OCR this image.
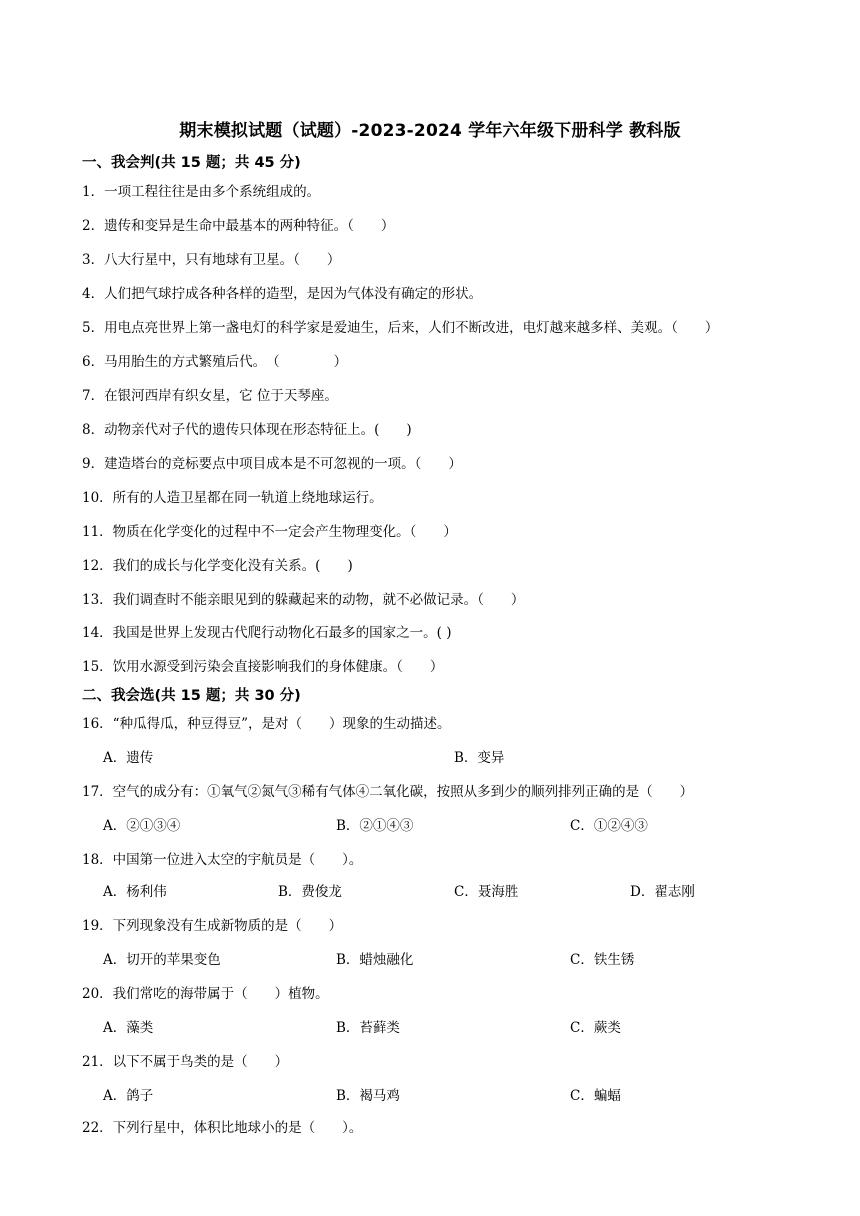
期末模拟试题（试题）-2023-2024 学年六年级下册科学 教科版
一、我会判(共 15 题；共 45 分)
1．一项工程往往是由多个系统组成的。
2．遗传和变异是生命中最基本的两种特征。（　　）
3．八大行星中，只有地球有卫星。（　　）
4．人们把气球拧成各种各样的造型，是因为气体没有确定的形状。
5．用电点亮世界上第一盏电灯的科学家是爱迪生，后来，人们不断改进，电灯越来越多样、美观。（　　）
6．马用胎生的方式繁殖后代。　（　　　　）
7．在银河西岸有织女星，它 位于天琴座。
8．动物亲代对子代的遗传只体现在形态特征上。(　　)
9．建造塔台的竞标要点中项目成本是不可忽视的一项。（　　）
10．所有的人造卫星都在同一轨道上绕地球运行。
11．物质在化学变化的过程中不一定会产生物理变化。（　　）
12．我们的成长与化学变化没有关系。(　　)
13．我们调查时不能亲眼见到的躲藏起来的动物，就不必做记录。（　　）
14．我国是世界上发现古代爬行动物化石最多的国家之一。( )
15．饮用水源受到污染会直接影响我们的身体健康。（　　）
二、我会选(共 15 题；共 30 分)
16．“种瓜得瓜，种豆得豆”，是对（　　）现象的生动描述。
A．遗传	B．变异
17．空气的成分有：①氧气②氮气③稀有气体④二氧化碳，按照从多到少的顺列排列正确的是（　　）
A．②①③④	B．②①④③	C．①②④③
18．中国第一位进入太空的宇航员是（　　）。
A．杨利伟	B．费俊龙	C．聂海胜	D．翟志刚
19．下列现象没有生成新物质的是（　　）
A．切开的苹果变色	B．蜡烛融化	C．铁生锈
20．我们常吃的海带属于（　　）植物。
A．藻类	B．苔藓类	C．蕨类
21．以下不属于鸟类的是（　　）
A．鸽子	B．褐马鸡	C．蝙蝠
22．下列行星中，体积比地球小的是（　　）。
